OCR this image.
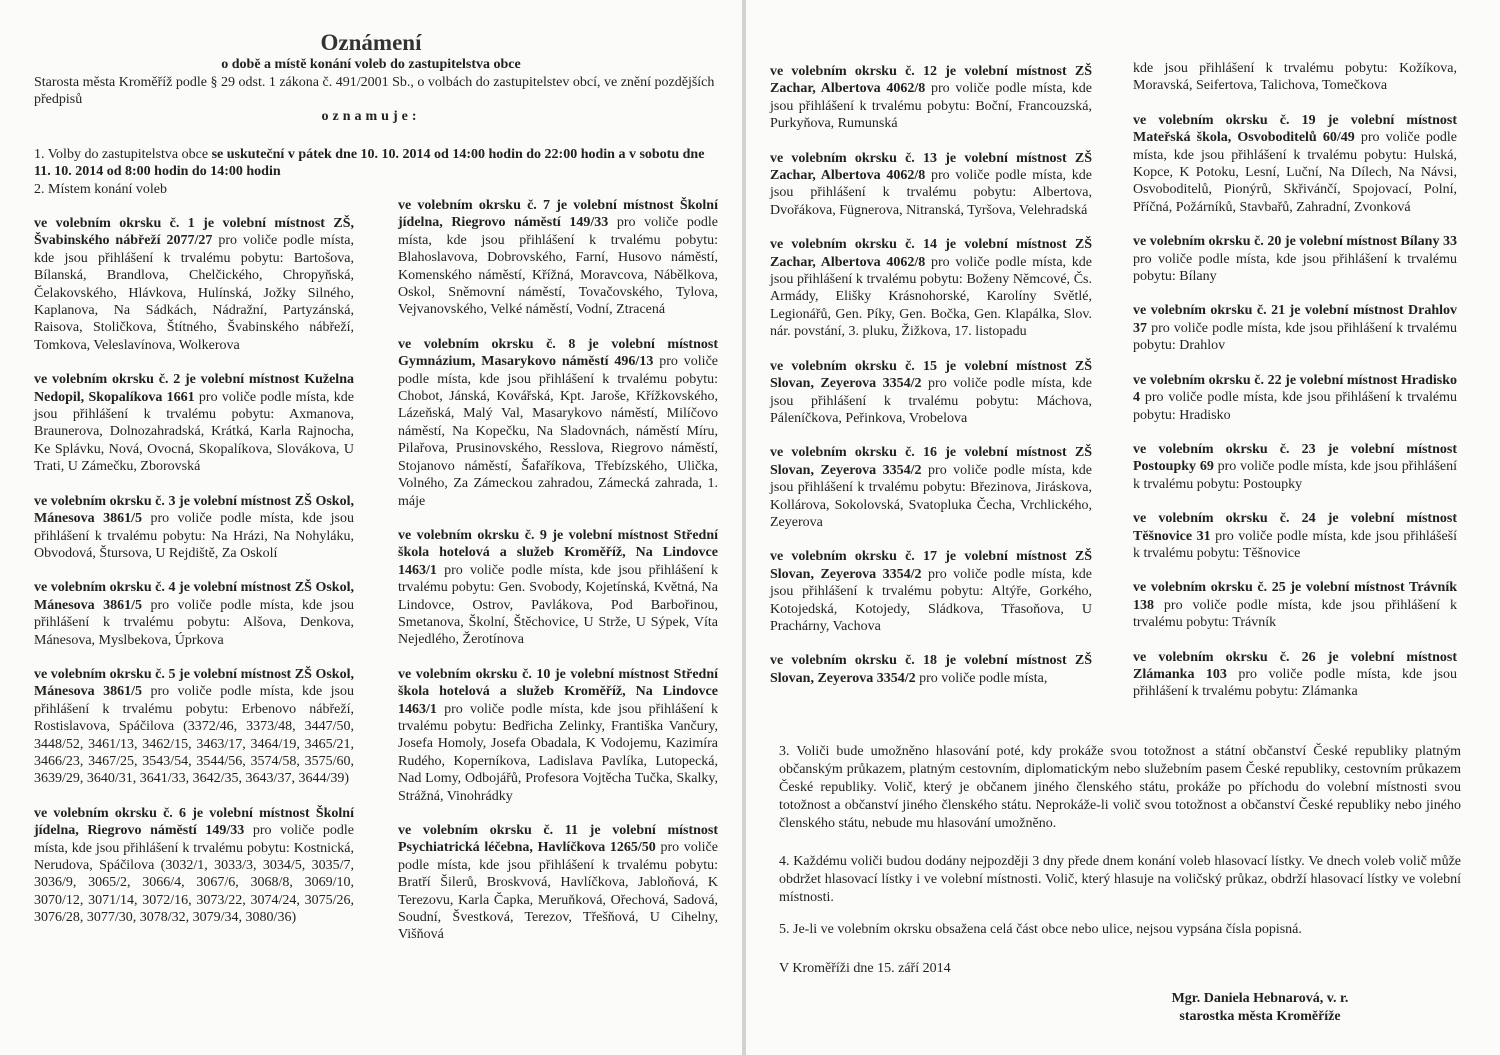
Oznámení
o době a místě konání voleb do zastupitelstva obce
Starosta města Kroměříž podle § 29 odst. 1 zákona č. 491/2001 Sb., o volbách do zastupitelstev obcí, ve znění pozdějších předpisů
oznamuje:
1. Volby do zastupitelstva obce se uskuteční v pátek dne 10. 10. 2014 od 14:00 hodin do 22:00 hodin a v sobotu dne 11. 10. 2014 od 8:00 hodin do 14:00 hodin
2. Místem konání voleb

ve volebním okrsku č. 1 je volební místnost ZŠ, Švabinského nábřeží 2077/27 pro voliče podle místa, kde jsou přihlášení k trvalému pobytu: Bartošova, Bílanská, Brandlova, Chelčického, Chropyňská, Čelakovského, Hlávkova, Hulínská, Jožky Silného, Kaplanova, Na Sádkách, Nádražní, Partyzánská, Raisova, Stoličkova, Štítného, Švabinského nábřeží, Tomkova, Veleslavínova, Wolkerova

ve volebním okrsku č. 2 je volební místnost Kuželna Nedopil, Skopalíkova 1661 pro voliče podle místa, kde jsou přihlášení k trvalému pobytu: Axmanova, Braunerova, Dolnozahradská, Krátká, Karla Rajnocha, Ke Splávku, Nová, Ovocná, Skopalíkova, Slovákova, U Trati, U Zámečku, Zborovská

ve volebním okrsku č. 3 je volební místnost ZŠ Oskol, Mánesova 3861/5 pro voliče podle místa, kde jsou přihlášení k trvalému pobytu: Na Hrázi, Na Nohyláku, Obvodová, Štursova, U Rejdiště, Za Oskolí

ve volebním okrsku č. 4 je volební místnost ZŠ Oskol, Mánesova 3861/5 pro voliče podle místa, kde jsou přihlášení k trvalému pobytu: Alšova, Denkova, Mánesova, Myslbekova, Úprkova

ve volebním okrsku č. 5 je volební místnost ZŠ Oskol, Mánesova 3861/5 pro voliče podle místa, kde jsou přihlášení k trvalému pobytu: Erbenovo nábřeží, Rostislavova, Spáčilova (3372/46, 3373/48, 3447/50, 3448/52, 3461/13, 3462/15, 3463/17, 3464/19, 3465/21, 3466/23, 3467/25, 3543/54, 3544/56, 3574/58, 3575/60, 3639/29, 3640/31, 3641/33, 3642/35, 3643/37, 3644/39)

ve volebním okrsku č. 6 je volební místnost Školní jídelna, Riegrovo náměstí 149/33 pro voliče podle místa, kde jsou přihlášení k trvalému pobytu: Kostnická, Nerudova, Spáčilova (3032/1, 3033/3, 3034/5, 3035/7, 3036/9, 3065/2, 3066/4, 3067/6, 3068/8, 3069/10, 3070/12, 3071/14, 3072/16, 3073/22, 3074/24, 3075/26, 3076/28, 3077/30, 3078/32, 3079/34, 3080/36)

ve volebním okrsku č. 7 je volební místnost Školní jídelna, Riegrovo náměstí 149/33 pro voliče podle místa, kde jsou přihlášení k trvalému pobytu: Blahoslavova, Dobrovského, Farní, Husovo náměstí, Komenského náměstí, Křížná, Moravcova, Nábělkova, Oskol, Sněmovní náměstí, Tovačovského, Tylova, Vejvanovského, Velké náměstí, Vodní, Ztracená

ve volebním okrsku č. 8 je volební místnost Gymnázium, Masarykovo náměstí 496/13 pro voliče podle místa, kde jsou přihlášení k trvalému pobytu: Chobot, Jánská, Kovářská, Kpt. Jaroše, Křížkovského, Lázeňská, Malý Val, Masarykovo náměstí, Milíčovo náměstí, Na Kopečku, Na Sladovnách, náměstí Míru, Pilařova, Prusinovského, Resslova, Riegrovo náměstí, Stojanovo náměstí, Šafaříkova, Třebízského, Ulička, Volného, Za Zámeckou zahradou, Zámecká zahrada, 1. máje

ve volebním okrsku č. 9 je volební místnost Střední škola hotelová a služeb Kroměříž, Na Lindovce 1463/1 pro voliče podle místa, kde jsou přihlášení k trvalému pobytu: Gen. Svobody, Kojetínská, Květná, Na Lindovce, Ostrov, Pavlákova, Pod Barbořinou, Smetanova, Školní, Štěchovice, U Strže, U Sýpek, Víta Nejedlého, Žerotínova

ve volebním okrsku č. 10 je volební místnost Střední škola hotelová a služeb Kroměříž, Na Lindovce 1463/1 pro voliče podle místa, kde jsou přihlášení k trvalému pobytu: Bedřicha Zelinky, Františka Vančury, Josefa Homoly, Josefa Obadala, K Vodojemu, Kazimíra Rudého, Koperníkova, Ladislava Pavlíka, Lutopecká, Nad Lomy, Odbojářů, Profesora Vojtěcha Tučka, Skalky, Strážná, Vinohrádky

ve volebním okrsku č. 11 je volební místnost Psychiatrická léčebna, Havlíčkova 1265/50 pro voliče podle místa, kde jsou přihlášení k trvalému pobytu: Bratří Šilerů, Broskvová, Havlíčkova, Jabloňová, K Terezovu, Karla Čapka, Meruňková, Ořechová, Sadová, Soudní, Švestková, Terezov, Třešňová, U Cihelny, Višňová

ve volebním okrsku č. 12 je volební místnost ZŠ Zachar, Albertova 4062/8 pro voliče podle místa, kde jsou přihlášení k trvalému pobytu: Boční, Francouzská, Purkyňova, Rumunská

ve volebním okrsku č. 13 je volební místnost ZŠ Zachar, Albertova 4062/8 pro voliče podle místa, kde jsou přihlášení k trvalému pobytu: Albertova, Dvořákova, Fügnerova, Nitranská, Tyršova, Velehradská

ve volebním okrsku č. 14 je volební místnost ZŠ Zachar, Albertova 4062/8 pro voliče podle místa, kde jsou přihlášení k trvalému pobytu: Boženy Němcové, Čs. Armády, Elišky Krásnohorské, Karolíny Světlé, Legionářů, Gen. Píky, Gen. Bočka, Gen. Klapálka, Slov. nár. povstání, 3. pluku, Žižkova, 17. listopadu

ve volebním okrsku č. 15 je volební místnost ZŠ Slovan, Zeyerova 3354/2 pro voliče podle místa, kde jsou přihlášení k trvalému pobytu: Máchova, Páleníčkova, Peřinkova, Vrobelova

ve volebním okrsku č. 16 je volební místnost ZŠ Slovan, Zeyerova 3354/2 pro voliče podle místa, kde jsou přihlášení k trvalému pobytu: Březinova, Jiráskova, Kollárova, Sokolovská, Svatopluka Čecha, Vrchlického, Zeyerova

ve volebním okrsku č. 17 je volební místnost ZŠ Slovan, Zeyerova 3354/2 pro voliče podle místa, kde jsou přihlášení k trvalému pobytu: Altýře, Gorkého, Kotojedská, Kotojedy, Sládkova, Třasoňova, U Prachárny, Vachova

ve volebním okrsku č. 18 je volební místnost ZŠ Slovan, Zeyerova 3354/2 pro voliče podle místa,

kde jsou přihlášení k trvalému pobytu: Kožíkova, Moravská, Seifertova, Talichova, Tomečkova

ve volebním okrsku č. 19 je volební místnost Mateřská škola, Osvoboditelů 60/49 pro voliče podle místa, kde jsou přihlášení k trvalému pobytu: Hulská, Kopce, K Potoku, Lesní, Luční, Na Dílech, Na Návsi, Osvoboditelů, Pionýrů, Skřivánčí, Spojovací, Polní, Příčná, Požárníků, Stavbařů, Zahradní, Zvonková

ve volebním okrsku č. 20 je volební místnost Bílany 33 pro voliče podle místa, kde jsou přihlášení k trvalému pobytu: Bílany

ve volebním okrsku č. 21 je volební místnost Drahlov 37 pro voliče podle místa, kde jsou přihlášení k trvalému pobytu: Drahlov

ve volebním okrsku č. 22 je volební místnost Hradisko 4 pro voliče podle místa, kde jsou přihlášení k trvalému pobytu: Hradisko

ve volebním okrsku č. 23 je volební místnost Postoupky 69 pro voliče podle místa, kde jsou přihlášení k trvalému pobytu: Postoupky

ve volebním okrsku č. 24 je volební místnost Těšnovice 31 pro voliče podle místa, kde jsou přihlášeší k trvalému pobytu: Těšnovice

ve volebním okrsku č. 25 je volební místnost Trávník 138 pro voliče podle místa, kde jsou přihlášení k trvalému pobytu: Trávník

ve volebním okrsku č. 26 je volební místnost Zlámanka 103 pro voliče podle místa, kde jsou přihlášení k trvalému pobytu: Zlámanka

3. Voliči bude umožněno hlasování poté, kdy prokáže svou totožnost a státní občanství České republiky platným občanským průkazem, platným cestovním, diplomatickým nebo služebním pasem České republiky, cestovním průkazem České republiky. Volič, který je občanem jiného členského státu, prokáže po příchodu do volební místnosti svou totožnost a občanství jiného členského státu. Neprokáže-li volič svou totožnost a občanství České republiky nebo jiného členského státu, nebude mu hlasování umožněno.
4. Každému voliči budou dodány nejpozději 3 dny přede dnem konání voleb hlasovací lístky. Ve dnech voleb volič může obdržet hlasovací lístky i ve volební místnosti. Volič, který hlasuje na voličský průkaz, obdrží hlasovací lístky ve volební místnosti.
5. Je-li ve volebním okrsku obsažena celá část obce nebo ulice, nejsou vypsána čísla popisná.
V Kroměříži dne 15. září 2014
Mgr. Daniela Hebnarová, v. r.
starostka města Kroměříže
